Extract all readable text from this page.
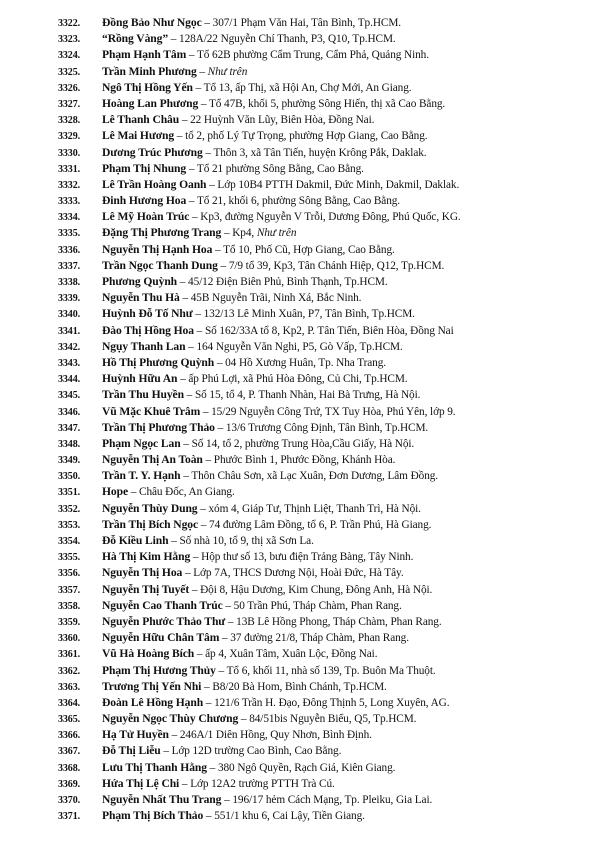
3322. Đồng Bảo Như Ngọc – 307/1 Phạm Văn Hai, Tân Bình, Tp.HCM.
3323. “Rồng Vàng” – 128A/22 Nguyễn Chí Thanh, P3, Q10, Tp.HCM.
3324. Phạm Hạnh Tâm – Tổ 62B phường Cẩm Trung, Cẩm Phả, Quảng Ninh.
3325. Trần Minh Phương – Như trên
3326. Ngô Thị Hồng Yến – Tổ 13, ấp Thị, xã Hội An, Chợ Mới, An Giang.
3327. Hoàng Lan Phương – Tổ 47B, khối 5, phường Sông Hiến, thị xã Cao Bằng.
3328. Lê Thanh Châu – 22 Huỳnh Văn Lũy, Biên Hòa, Đồng Nai.
3329. Lê Mai Hương – tổ 2, phố Lý Tự Trọng, phường Hợp Giang, Cao Bằng.
3330. Dương Trúc Phương – Thôn 3, xã Tân Tiến, huyện Krông Pắk, Daklak.
3331. Phạm Thị Nhung – Tổ 21 phường Sông Bằng, Cao Bằng.
3332. Lê Trần Hoàng Oanh – Lớp 10B4 PTTH Dakmil, Đức Minh, Dakmil, Daklak.
3333. Đinh Hương Hoa – Tổ 21, khối 6, phường Sông Bằng, Cao Bằng.
3334. Lê Mỹ Hoàn Trúc – Kp3, đường Nguyễn V Trỗi, Dương Đông, Phú Quốc, KG.
3335. Đặng Thị Phương Trang – Kp4, Như trên
3336. Nguyễn Thị Hạnh Hoa – Tổ 10, Phố Cũ, Hợp Giang, Cao Bằng.
3337. Trần Ngọc Thanh Dung – 7/9 tổ 39, Kp3, Tân Chánh Hiệp, Q12, Tp.HCM.
3338. Phương Quỳnh – 45/12 Điện Biên Phủ, Bình Thạnh, Tp.HCM.
3339. Nguyễn Thu Hà – 45B Nguyễn Trãi, Ninh Xá, Bắc Ninh.
3340. Huỳnh Đỗ Tố Như – 132/13 Lê Minh Xuân, P7, Tân Bình, Tp.HCM.
3341. Đào Thị Hồng Hoa – Số 162/33A tổ 8, Kp2, P. Tân Tiến, Biên Hòa, Đồng Nai
3342. Ngụy Thanh Lan – 164 Nguyễn Văn Nghi, P5, Gò Vấp, Tp.HCM.
3343. Hồ Thị Phương Quỳnh – 04 Hồ Xương Huân, Tp. Nha Trang.
3344. Huỳnh Hữu An – ấp Phú Lợi, xã Phú Hòa Đông, Củ Chi, Tp.HCM.
3345. Trần Thu Huyền – Số 15, tổ 4, P. Thanh Nhàn, Hai Bà Trưng, Hà Nội.
3346. Vũ Mặc Khuê Trâm – 15/29 Nguyễn Công Trứ, TX Tuy Hòa, Phú Yên, lớp 9.
3347. Trần Thị Phương Thảo – 13/6 Trương Công Định, Tân Bình, Tp.HCM.
3348. Phạm Ngọc Lan – Số 14, tổ 2, phường Trung Hòa,Cầu Giấy, Hà Nội.
3349. Nguyễn Thị An Toàn – Phước Bình 1, Phước Đồng, Khánh Hòa.
3350. Trần T. Y. Hạnh – Thôn Châu Sơn, xã Lạc Xuân, Đơn Dương, Lâm Đồng.
3351. Hope – Châu Đốc, An Giang.
3352. Nguyễn Thùy Dung – xóm 4, Giáp Tư, Thịnh Liệt, Thanh Trì, Hà Nội.
3353. Trần Thị Bích Ngọc – 74 đường Lâm Đồng, tổ 6, P. Trần Phú, Hà Giang.
3354. Đỗ Kiều Linh – Số nhà 10, tổ 9, thị xã Sơn La.
3355. Hà Thị Kim Hằng – Hộp thư số 13, bưu điện Trảng Bàng, Tây Ninh.
3356. Nguyễn Thị Hoa – Lớp 7A, THCS Dương Nội, Hoài Đức, Hà Tây.
3357. Nguyễn Thị Tuyết – Đội 8, Hậu Dương, Kim Chung, Đông Anh, Hà Nội.
3358. Nguyễn Cao Thanh Trúc – 50 Trần Phú, Tháp Chàm, Phan Rang.
3359. Nguyễn Phước Thảo Thư – 13B Lê Hồng Phong, Tháp Chàm, Phan Rang.
3360. Nguyễn Hữu Chân Tâm – 37 đường 21/8, Tháp Chàm, Phan Rang.
3361. Vũ Hà Hoàng Bích – ấp 4, Xuân Tâm, Xuân Lộc, Đồng Nai.
3362. Phạm Thị Hương Thủy – Tổ 6, khối 11, nhà số 139, Tp. Buôn Ma Thuột.
3363. Trương Thị Yến Nhi – B8/20 Bà Hom, Bình Chánh, Tp.HCM.
3364. Đoàn Lê Hồng Hạnh – 121/6 Trần H. Đạo, Đông Thịnh 5, Long Xuyên, AG.
3365. Nguyễn Ngọc Thùy Chương – 84/51bis Nguyễn Biểu, Q5, Tp.HCM.
3366. Hạ Tử Huyền – 246A/1 Diên Hồng, Quy Nhơn, Bình Định.
3367. Đỗ Thị Liễu – Lớp 12D trường Cao Bình, Cao Bằng.
3368. Lưu Thị Thanh Hằng – 380 Ngô Quyền, Rạch Giá, Kiên Giang.
3369. Hứa Thị Lệ Chi – Lớp 12A2 trường PTTH Trà Cú.
3370. Nguyễn Nhất Thu Trang – 196/17 hẻm Cách Mạng, Tp. Pleiku, Gia Lai.
3371. Phạm Thị Bích Thảo – 551/1 khu 6, Cai Lậy, Tiền Giang.
